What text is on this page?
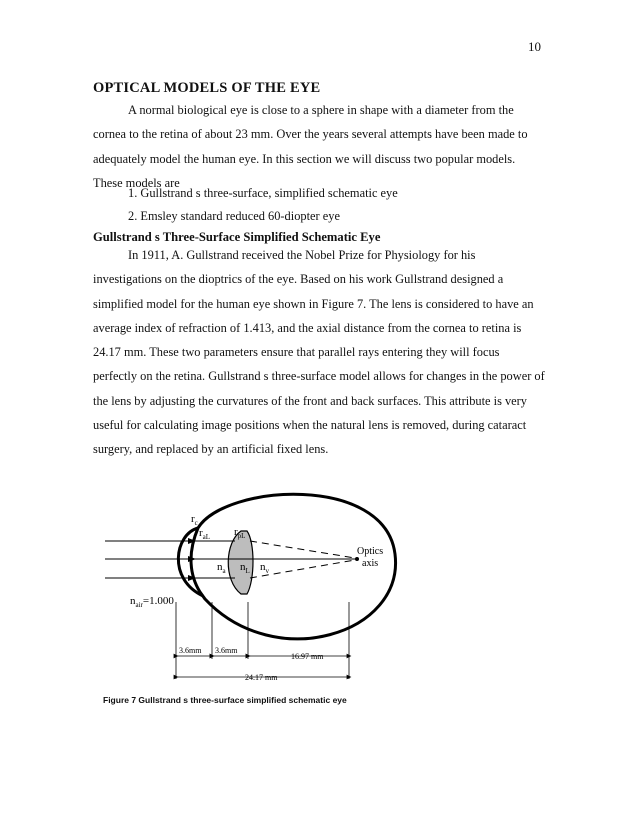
10
OPTICAL MODELS OF THE EYE
A normal biological eye is close to a sphere in shape with a diameter from the cornea to the retina of about 23 mm. Over the years several attempts have been made to adequately model the human eye. In this section we will discuss two popular models. These models are
1. Gullstrand s three-surface, simplified schematic eye
2. Emsley standard reduced 60-diopter eye
Gullstrand s Three-Surface Simplified Schematic Eye
In 1911, A. Gullstrand received the Nobel Prize for Physiology for his investigations on the dioptrics of the eye. Based on his work Gullstrand designed a simplified model for the human eye shown in Figure 7. The lens is considered to have an average index of refraction of 1.413, and the axial distance from the cornea to retina is 24.17 mm. These two parameters ensure that parallel rays entering they will focus perfectly on the retina. Gullstrand s three-surface model allows for changes in the power of the lens by adjusting the curvatures of the front and back surfaces. This attribute is very useful for calculating image positions when the natural lens is removed, during cataract surgery, and replaced by an artificial fixed lens.
$r_c$
$r_{aL}$ $r_{pL}$
$n_a$ $n_L$ $n_v$
Optics
axis
$n_{air}=1.000$
3.6mm 3.6mm
16.97 mm
24.17 mm
Figure 7 Gullstrand s three-surface simplified schematic eye
